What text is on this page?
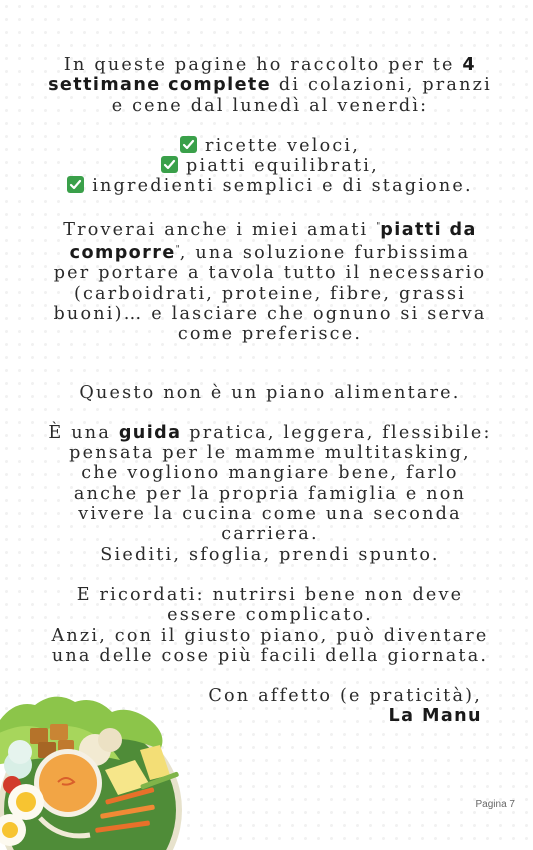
In queste pagine ho raccolto per te 4 settimane complete di colazioni, pranzi e cene dal lunedì al venerdì:

ricette veloci,

piatti equilibrati,

ingredienti semplici e di stagione.

Troverai anche i miei amati "piatti da comporre", una soluzione furbissima per portare a tavola tutto il necessario (carboidrati, proteine, fibre, grassi buoni)… e lasciare che ognuno si serva come preferisce.

Questo non è un piano alimentare.

È una guida pratica, leggera, flessibile: pensata per le mamme multitasking, che vogliono mangiare bene, farlo anche per la propria famiglia e non vivere la cucina come una seconda carriera.

Siediti, sfoglia, prendi spunto.

E ricordati: nutrirsi bene non deve essere complicato.

Anzi, con il giusto piano, può diventare una delle cose più facili della giornata.

Con affetto (e praticità),

La Manu

Pagina 7
